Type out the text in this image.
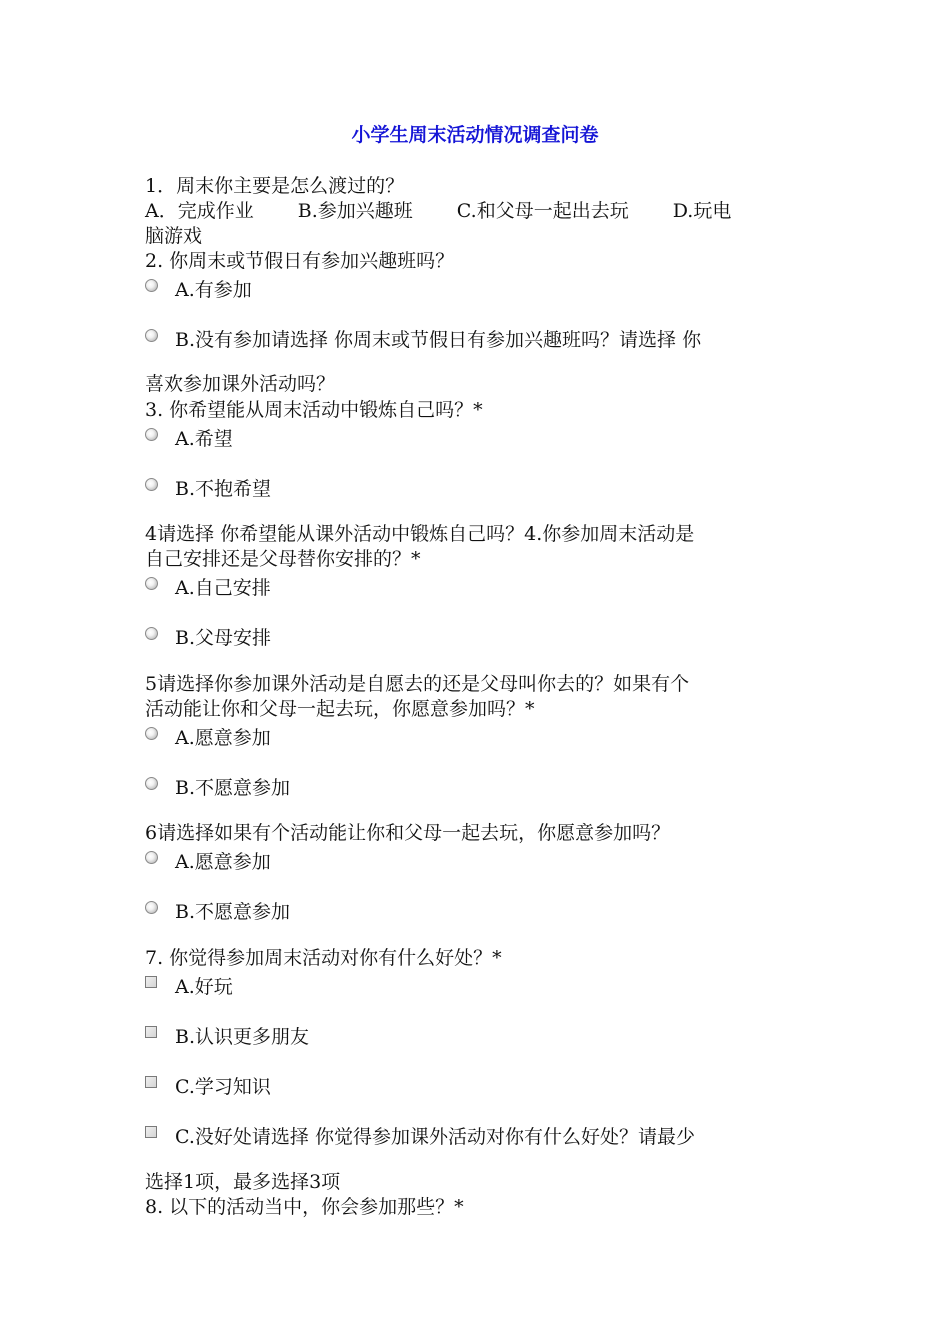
小学生周末活动情况调查问卷
1．周末你主要是怎么渡过的？
A．完成作业　　 B.参加兴趣班　　 C.和父母一起出去玩　　 D.玩电
脑游戏
2. 你周末或节假日有参加兴趣班吗？
A.有参加
B.没有参加请选择 你周末或节假日有参加兴趣班吗？请选择 你
喜欢参加课外活动吗？
3. 你希望能从周末活动中锻炼自己吗？*
A.希望
B.不抱希望
4请选择 你希望能从课外活动中锻炼自己吗？4.你参加周末活动是
自己安排还是父母替你安排的？*
A.自己安排
B.父母安排
5请选择你参加课外活动是自愿去的还是父母叫你去的？如果有个
活动能让你和父母一起去玩，你愿意参加吗？*
A.愿意参加
B.不愿意参加
6请选择如果有个活动能让你和父母一起去玩，你愿意参加吗？
A.愿意参加
B.不愿意参加
7. 你觉得参加周末活动对你有什么好处？*
A.好玩
B.认识更多朋友
C.学习知识
C.没好处请选择 你觉得参加课外活动对你有什么好处？请最少
选择1项，最多选择3项
8. 以下的活动当中，你会参加那些？*
